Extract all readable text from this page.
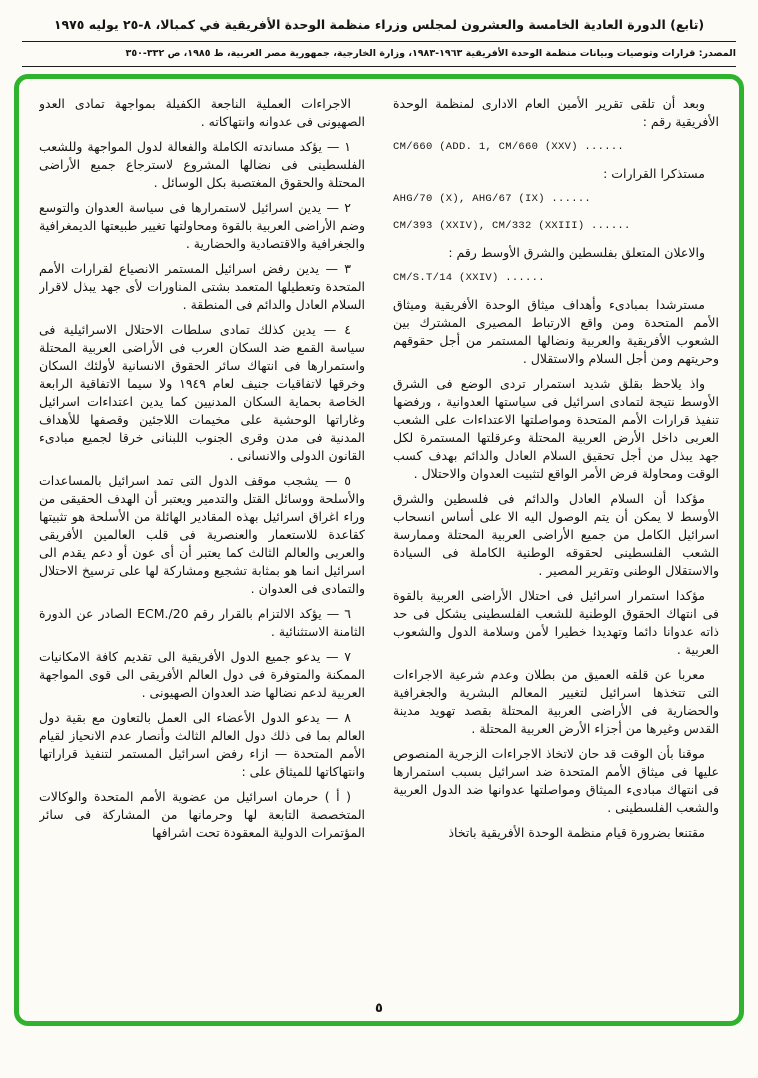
(تابع) الدورة العادية الخامسة والعشرون لمجلس وزراء منظمة الوحدة الأفريقية في كمبالا، ٨-٢٥ يوليه ١٩٧٥
المصدر: قرارات وتوصيات وبيانات منظمة الوحدة الأفريقية ١٩٦٣-١٩٨٣، وزارة الخارجية، جمهورية مصر العربية، ط ١٩٨٥، ص ٣٣٢-٣٥٠

وبعد أن تلقى تقرير الأمين العام الادارى لمنظمة الوحدة الأفريقية رقم :

CM/660 (ADD. 1, CM/660 (XXV) ......

مستذكرا القرارات :

AHG/70 (X), AHG/67 (IX) ......

CM/393 (XXIV), CM/332 (XXIII) ......

والاعلان المتعلق بفلسطين والشرق الأوسط رقم :

CM/S.T/14 (XXIV) ......

مسترشدا بمبادىء وأهداف ميثاق الوحدة الأفريقية وميثاق الأمم المتحدة ومن واقع الارتباط المصيرى المشترك بين الشعوب الأفريقية والعربية ونضالها المستمر من أجل حقوقهم وحريتهم ومن أجل السلام والاستقلال .

واذ يلاحظ بقلق شديد استمرار تردى الوضع فى الشرق الأوسط نتيجة لتمادى اسرائيل فى سياستها العدوانية ، ورفضها تنفيذ قرارات الأمم المتحدة ومواصلتها الاعتداءات على الشعب العربى داخل الأرض العربية المحتلة وعرقلتها المستمرة لكل جهد يبذل من أجل تحقيق السلام العادل والدائم بهدف كسب الوقت ومحاولة فرض الأمر الواقع لتثبيت العدوان والاحتلال .

مؤكدا أن السلام العادل والدائم فى فلسطين والشرق الأوسط لا يمكن أن يتم الوصول اليه الا على أساس انسحاب اسرائيل الكامل من جميع الأراضى العربية المحتلة وممارسة الشعب الفلسطينى لحقوقه الوطنية الكاملة فى السيادة والاستقلال الوطنى وتقرير المصير .

مؤكدا استمرار اسرائيل فى احتلال الأراضى العربية بالقوة فى انتهاك الحقوق الوطنية للشعب الفلسطينى يشكل فى حد ذاته عدوانا دائما وتهديدا خطيرا لأمن وسلامة الدول والشعوب العربية .

معربا عن قلقه العميق من بطلان وعدم شرعية الاجراءات التى تتخذها اسرائيل لتغيير المعالم البشرية والجغرافية والحضارية فى الأراضى العربية المحتلة بقصد تهويد مدينة القدس وغيرها من أجزاء الأرض العربية المحتلة .

موقنا بأن الوقت قد حان لاتخاذ الاجراءات الزجرية المنصوص عليها فى ميثاق الأمم المتحدة ضد اسرائيل بسبب استمرارها فى انتهاك مبادىء الميثاق ومواصلتها عدوانها ضد الدول العربية والشعب الفلسطينى .

مقتنعا بضرورة قيام منظمة الوحدة الأفريقية باتخاذ

الاجراءات العملية الناجعة الكفيلة بمواجهة تمادى العدو الصهيونى فى عدوانه وانتهاكاته .

١ — يؤكد مساندته الكاملة والفعالة لدول المواجهة وللشعب الفلسطينى فى نضالها المشروع لاسترجاع جميع الأراضى المحتلة والحقوق المغتصبة بكل الوسائل .

٢ — يدين اسرائيل لاستمرارها فى سياسة العدوان والتوسع وضم الأراضى العربية بالقوة ومحاولتها تغيير طبيعتها الديمغرافية والجغرافية والاقتصادية والحضارية .

٣ — يدين رفض اسرائيل المستمر الانصياع لقرارات الأمم المتحدة وتعطيلها المتعمد بشتى المناورات لأى جهد يبذل لاقرار السلام العادل والدائم فى المنطقة .

٤ — يدين كذلك تمادى سلطات الاحتلال الاسرائيلية فى سياسة القمع ضد السكان العرب فى الأراضى العربية المحتلة واستمرارها فى انتهاك سائر الحقوق الانسانية لأولئك السكان وخرقها لاتفاقيات جنيف لعام ١٩٤٩ ولا سيما الاتفاقية الرابعة الخاصة بحماية السكان المدنيين كما يدين اعتداءات اسرائيل وغاراتها الوحشية على مخيمات اللاجئين وقصفها للأهداف المدنية فى مدن وقرى الجنوب اللبنانى خرقا لجميع مبادىء القانون الدولى والانسانى .

٥ — يشجب موقف الدول التى تمد اسرائيل بالمساعدات والأسلحة ووسائل القتل والتدمير ويعتبر أن الهدف الحقيقى من وراء اغراق اسرائيل بهذه المقادير الهائلة من الأسلحة هو تثبيتها كقاعدة للاستعمار والعنصرية فى قلب العالمين الأفريقى والعربى والعالم الثالث كما يعتبر أن أى عون أو دعم يقدم الى اسرائيل انما هو بمثابة تشجيع ومشاركة لها على ترسيخ الاحتلال والتمادى فى العدوان .

٦ — يؤكد الالتزام بالقرار رقم ECM./20 الصادر عن الدورة الثامنة الاستثنائية .

٧ — يدعو جميع الدول الأفريقية الى تقديم كافة الامكانيات الممكنة والمتوفرة فى دول العالم الأفريقى الى قوى المواجهة العربية لدعم نضالها ضد العدوان الصهيونى .

٨ — يدعو الدول الأعضاء الى العمل بالتعاون مع بقية دول العالم بما فى ذلك دول العالم الثالث وأنصار عدم الانحياز لقيام الأمم المتحدة — ازاء رفض اسرائيل المستمر لتنفيذ قراراتها وانتهاكاتها للميثاق على :

( أ ) حرمان اسرائيل من عضوية الأمم المتحدة والوكالات المتخصصة التابعة لها وحرمانها من المشاركة فى سائر المؤتمرات الدولية المعقودة تحت اشرافها

٥
